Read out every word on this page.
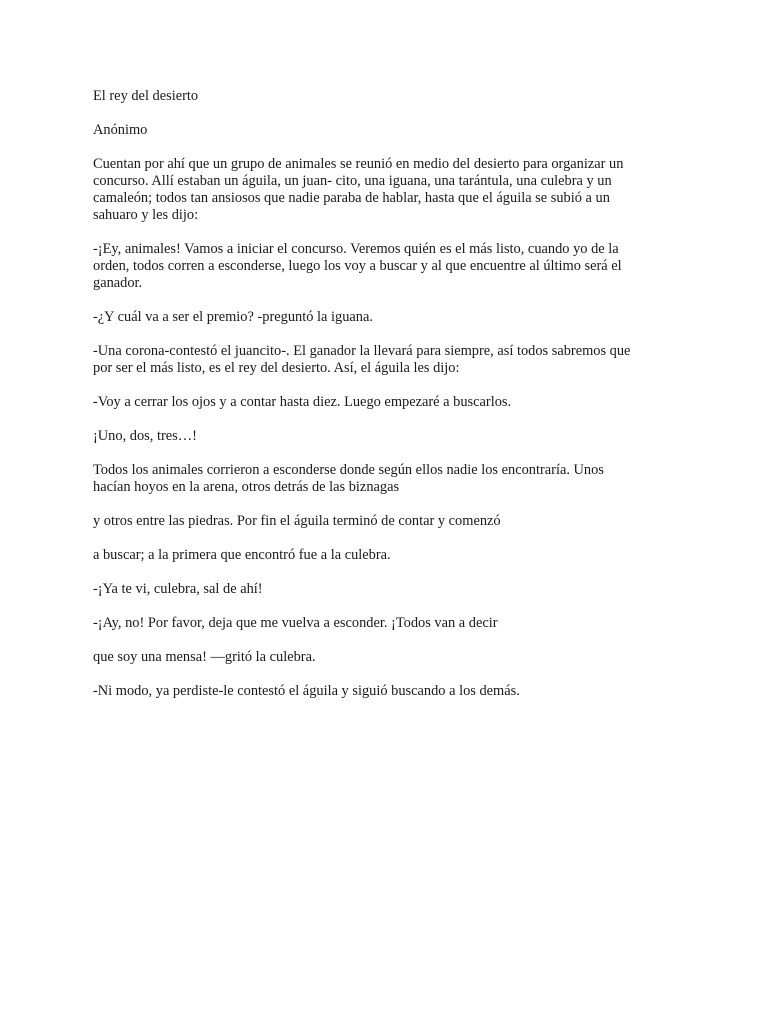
El rey del desierto

Anónimo

Cuentan por ahí que un grupo de animales se reunió en medio del desierto para organizar un
concurso. Allí estaban un águila, un juan- cito, una iguana, una tarántula, una culebra y un
camaleón; todos tan ansiosos que nadie paraba de hablar, hasta que el águila se subió a un
sahuaro y les dijo:

-¡Ey, animales! Vamos a iniciar el concurso. Veremos quién es el más listo, cuando yo de la
orden, todos corren a esconderse, luego los voy a buscar y al que encuentre al último será el
ganador.

-¿Y cuál va a ser el premio? -preguntó la iguana.

-Una corona-contestó el juancito-. El ganador la llevará para siempre, así todos sabremos que
por ser el más listo, es el rey del desierto. Así, el águila les dijo:

-Voy a cerrar los ojos y a contar hasta diez. Luego empezaré a buscarlos.

¡Uno, dos, tres…!

Todos los animales corrieron a esconderse donde según ellos nadie los encontraría. Unos
hacían hoyos en la arena, otros detrás de las biznagas

y otros entre las piedras. Por fin el águila terminó de contar y comenzó

a buscar; a la primera que encontró fue a la culebra.

-¡Ya te vi, culebra, sal de ahí!

-¡Ay, no! Por favor, deja que me vuelva a esconder. ¡Todos van a decir

que soy una mensa! —gritó la culebra.

-Ni modo, ya perdiste-le contestó el águila y siguió buscando a los demás.
